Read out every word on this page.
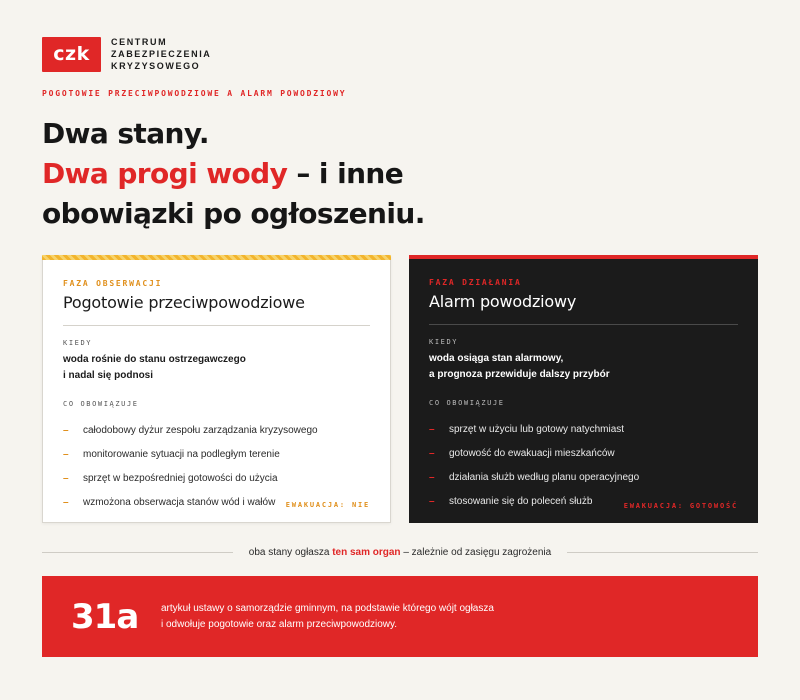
czk
CENTRUM
ZABEZPIECZENIA
KRYZYSOWEGO
POGOTOWIE PRZECIWPOWODZIOWE A ALARM POWODZIOWY
Dwa stany.
Dwa progi wody – i inne
obowiązki po ogłoszeniu.
FAZA OBSERWACJI
Pogotowie przeciwpowodziowe
KIEDY
woda rośnie do stanu ostrzegawczego
i nadal się podnosi
CO OBOWIĄZUJE
–	całodobowy dyżur zespołu zarządzania kryzysowego
–	monitorowanie sytuacji na podległym terenie
–	sprzęt w bezpośredniej gotowości do użycia
–	wzmożona obserwacja stanów wód i wałów EWAKUACJA: NIE
FAZA DZIAŁANIA
Alarm powodziowy
KIEDY
woda osiąga stan alarmowy,
a prognoza przewiduje dalszy przybór
CO OBOWIĄZUJE
–	sprzęt w użyciu lub gotowy natychmiast
–	gotowość do ewakuacji mieszkańców
–	działania służb według planu operacyjnego
–	stosowanie się do poleceń służb	EWAKUACJA: GOTOWOŚĆ
oba stany ogłasza ten sam organ – zależnie od zasięgu zagrożenia
31a	artykuł ustawy o samorządzie gminnym, na podstawie którego wójt ogłasza
i odwołuje pogotowie oraz alarm przeciwpowodziowy.
